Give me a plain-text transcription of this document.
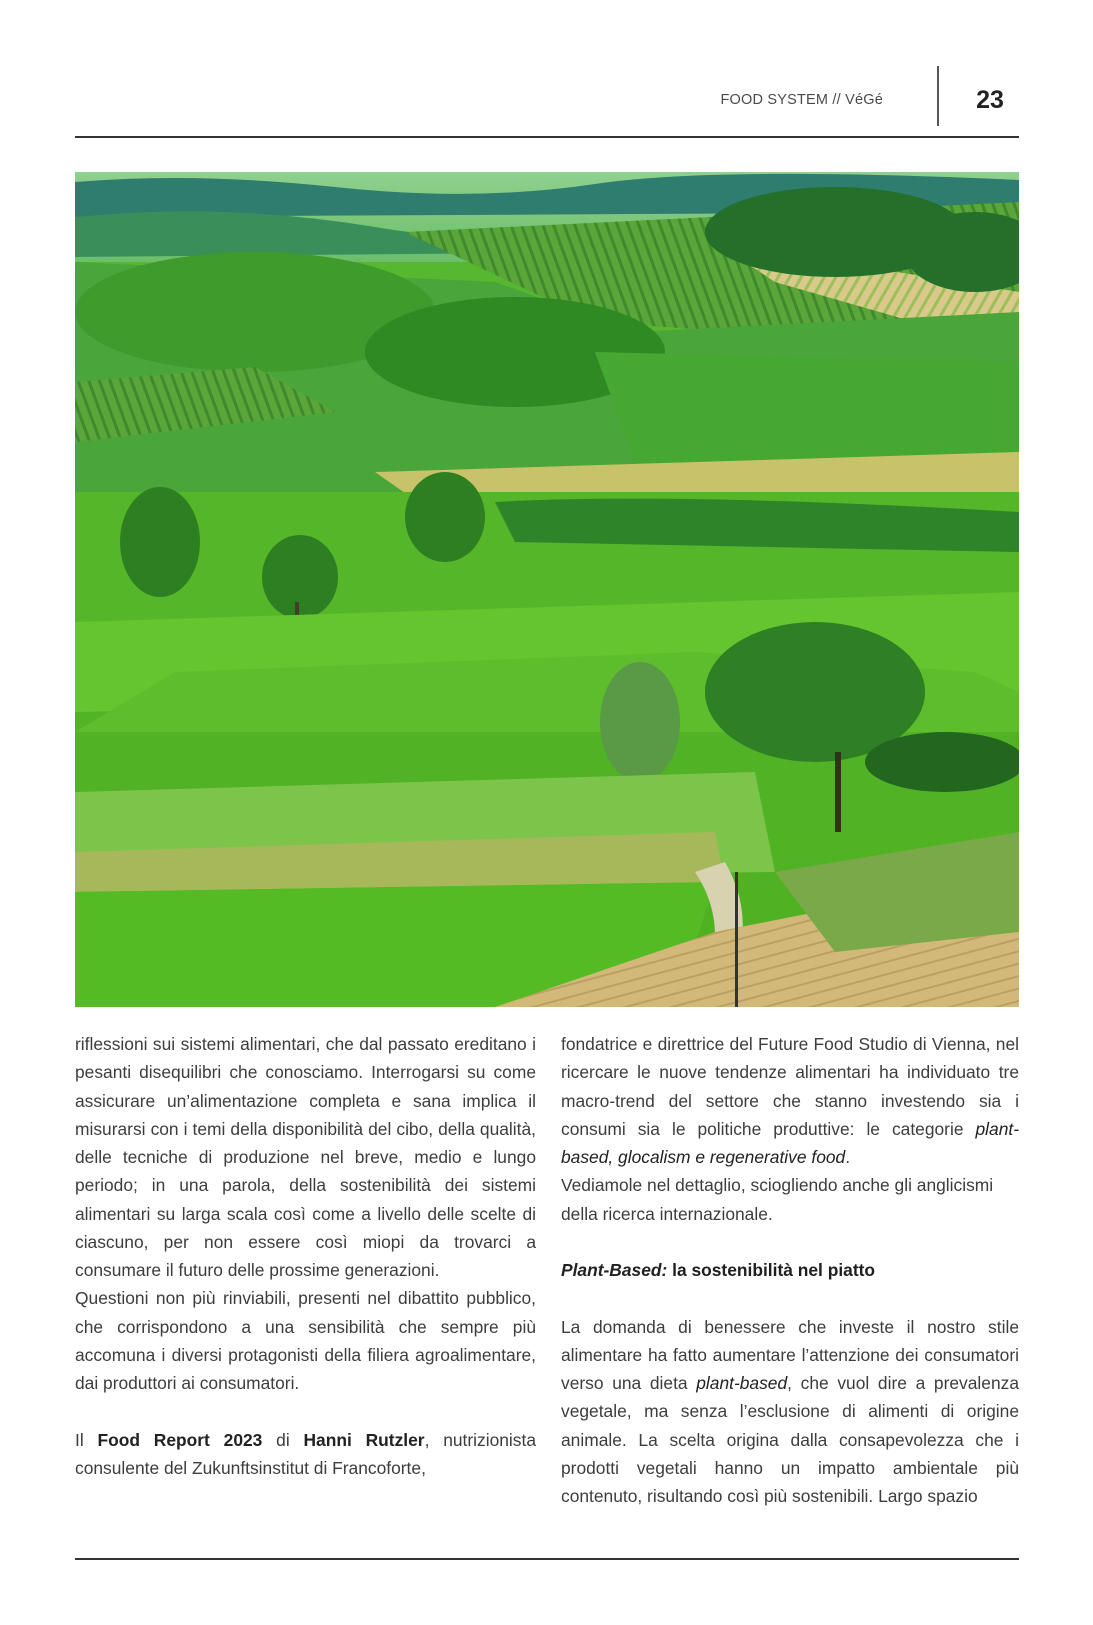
FOOD SYSTEM // VéGé	23

riflessioni sui sistemi alimentari, che dal passato ereditano i pesanti disequilibri che conosciamo. Interrogarsi su come assicurare un’alimentazione completa e sana implica il misurarsi con i temi della disponibilità del cibo, della qualità, delle tecniche di produzione nel breve, medio e lungo periodo; in una parola, della sostenibilità dei sistemi alimentari su larga scala così come a livello delle scelte di ciascuno, per non essere così miopi da trovarci a consumare il futuro delle prossime generazioni.

Questioni non più rinviabili, presenti nel dibattito pubblico, che corrispondono a una sensibilità che sempre più accomuna i diversi protagonisti della filiera agroalimentare, dai produttori ai consumatori.

Il Food Report 2023 di Hanni Rutzler, nutrizionista consulente del Zukunftsinstitut di Francoforte,

fondatrice e direttrice del Future Food Studio di Vienna, nel ricercare le nuove tendenze alimentari ha individuato tre macro-trend del settore che stanno investendo sia i consumi sia le politiche produttive: le categorie plant-based, glocalism e regenerative food.

Vediamole nel dettaglio, sciogliendo anche gli anglicismi della ricerca internazionale.

Plant-Based: la sostenibilità nel piatto

La domanda di benessere che investe il nostro stile alimentare ha fatto aumentare l’attenzione dei consumatori verso una dieta plant-based, che vuol dire a prevalenza vegetale, ma senza l’esclusione di alimenti di origine animale. La scelta origina dalla consapevolezza che i prodotti vegetali hanno un impatto ambientale più contenuto, risultando così più sostenibili. Largo spazio
